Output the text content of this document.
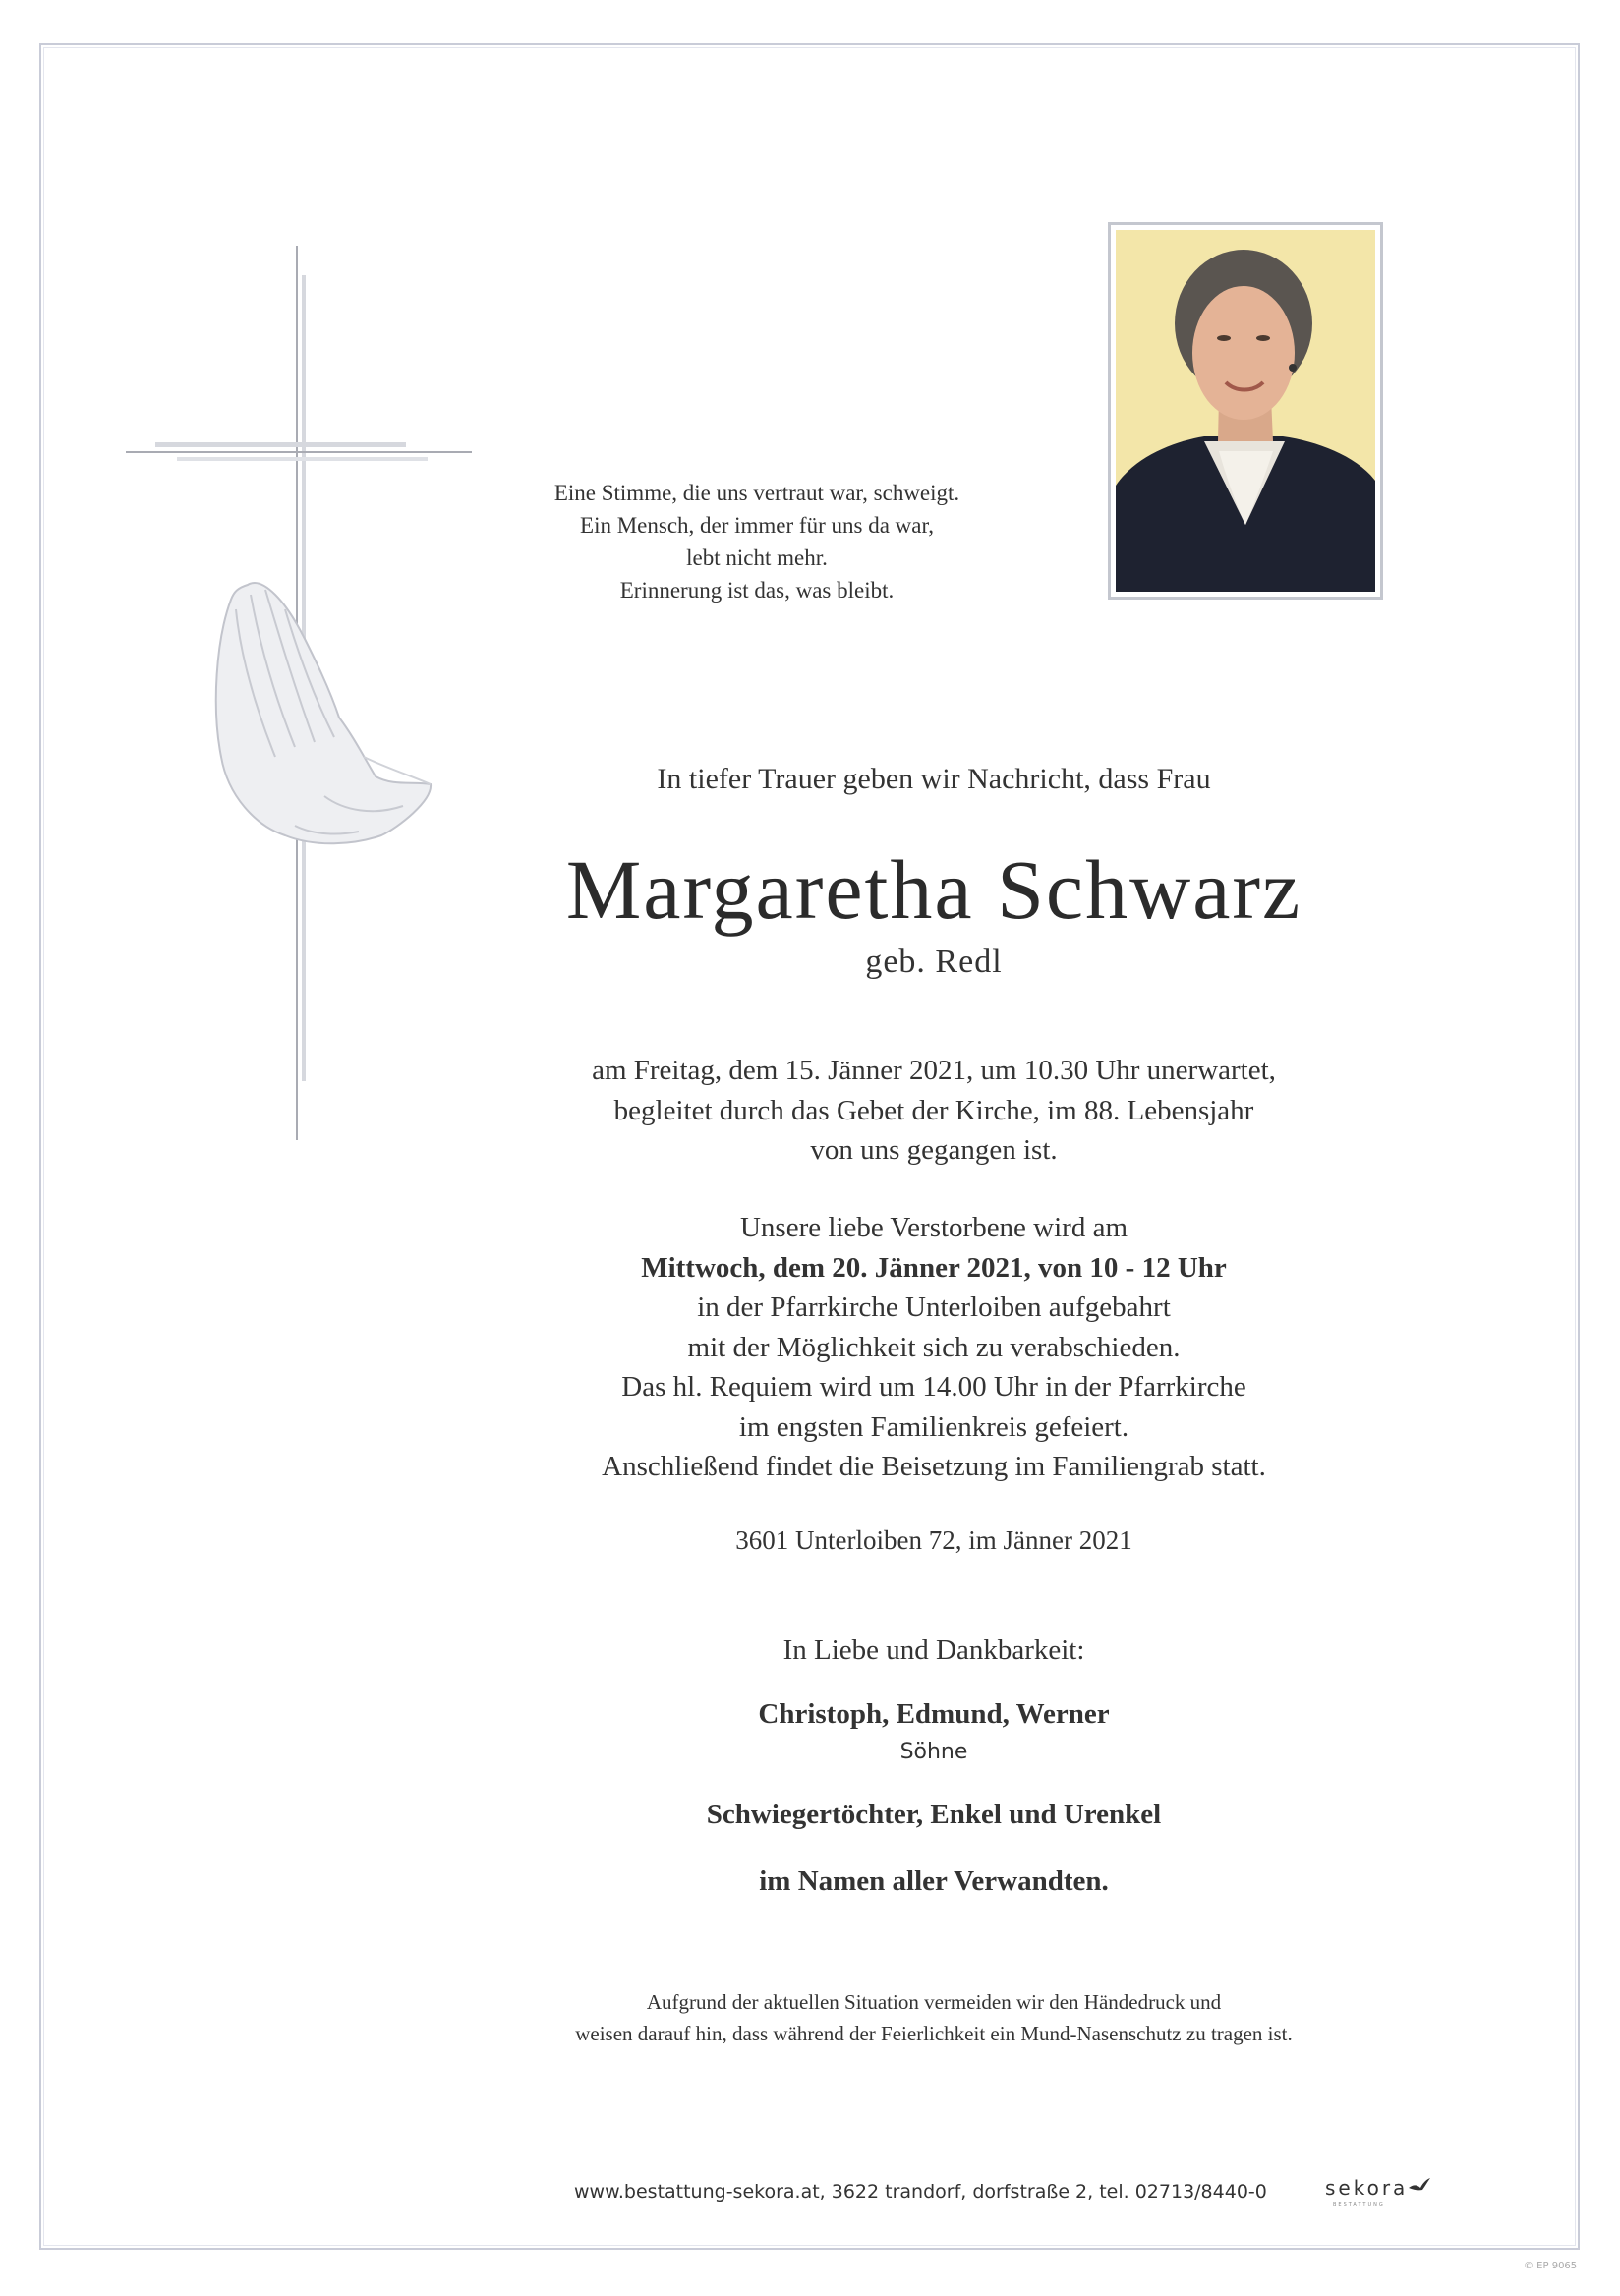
Eine Stimme, die uns vertraut war, schweigt.
Ein Mensch, der immer für uns da war,
lebt nicht mehr.
Erinnerung ist das, was bleibt.
In tiefer Trauer geben wir Nachricht, dass Frau
Margaretha Schwarz
geb. Redl
am Freitag, dem 15. Jänner 2021, um 10.30 Uhr unerwartet,
begleitet durch das Gebet der Kirche, im 88. Lebensjahr
von uns gegangen ist.
Unsere liebe Verstorbene wird am
Mittwoch, dem 20. Jänner 2021, von 10 - 12 Uhr
in der Pfarrkirche Unterloiben aufgebahrt
mit der Möglichkeit sich zu verabschieden.
Das hl. Requiem wird um 14.00 Uhr in der Pfarrkirche
im engsten Familienkreis gefeiert.
Anschließend findet die Beisetzung im Familiengrab statt.
3601 Unterloiben 72, im Jänner 2021
In Liebe und Dankbarkeit:
Christoph, Edmund, Werner
Söhne
Schwiegertöchter, Enkel und Urenkel
im Namen aller Verwandten.
Aufgrund der aktuellen Situation vermeiden wir den Händedruck und
weisen darauf hin, dass während der Feierlichkeit ein Mund-Nasenschutz zu tragen ist.
www.bestattung-sekora.at, 3622 trandorf, dorfstraße 2, tel. 02713/8440-0	sekora
BESTATTUNG
© EP 9065
